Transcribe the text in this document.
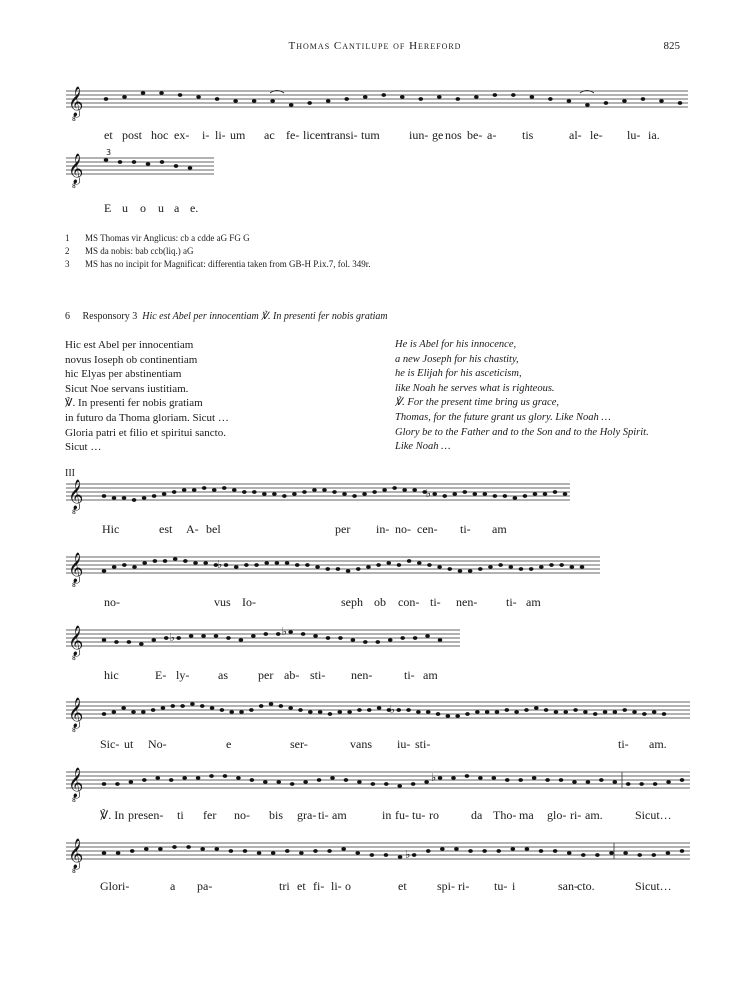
Thomas Cantilupe of Hereford	825
𝄞
8
et post hoc ex- i- li- um ac fe- licem
transi- tum iun- ge nos be- a- tis	al- le- lu- ia.
𝄞
8
3
E u o u a e.
1 MS Thomas vir Anglicus: cb a cdde aG FG G
2 MS da nobis: bab ccb(liq.) aG
3 MS has no incipit for Magnificat: differentia taken from GB-H P.ix.7, fol. 349r.
6 Responsory 3 Hic est Abel per innocentiam ℣. In presenti fer nobis gratiam
Hic est Abel per innocentiam
novus Ioseph ob continentiam
hic Elyas per abstinentiam
Sicut Noe servans iustitiam.
℣. In presenti fer nobis gratiam
in futuro da Thoma gloriam. Sicut …
Gloria patri et filio et spiritui sancto.
Sicut …
He is Abel for his innocence,
a new Joseph for his chastity,
he is Elijah for his asceticism,
like Noah he serves what is righteous.
℣. For the present time bring us grace,
Thomas, for the future grant us glory. Like Noah …
Glory be to the Father and to the Son and to the Holy Spirit.
Like Noah …
III
𝄞
8
♭
Hic	est A- bel	per in- no- cen- ti- am
𝄞
8
♭
no-	vus Io-	seph ob con- ti- nen- ti- am
𝄞
8
♭	♭
hic	E- ly- as	per ab- sti- nen-	ti- am
𝄞
8
♭
Sic- ut No-	e	ser-	vans iu- sti-	ti- am.
𝄞
8
♭
℣. In presen- ti fer no- bis gra- ti- am	in fu- tu- ro	da Tho- ma glo- ri- am.	Sicut…
𝄞
8
♭
Glori-	a pa-	tri et fi- li- o	et	spi- ri- tu- i	san- cto.	Sicut…
